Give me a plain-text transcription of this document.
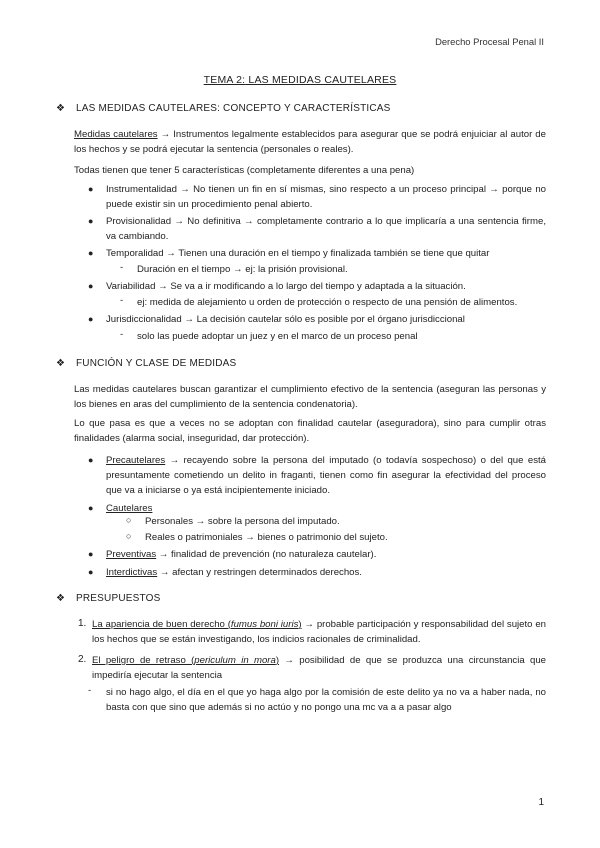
Derecho Procesal Penal II
TEMA 2: LAS MEDIDAS CAUTELARES
❖ LAS MEDIDAS CAUTELARES: CONCEPTO Y CARACTERÍSTICAS
Medidas cautelares → Instrumentos legalmente establecidos para asegurar que se podrá enjuiciar al autor de los hechos y se podrá ejecutar la sentencia (personales o reales).
Todas tienen que tener 5 características (completamente diferentes a una pena)
● Instrumentalidad → No tienen un fin en sí mismas, sino respecto a un proceso principal → porque no puede existir sin un procedimiento penal abierto.
● Provisionalidad → No definitiva → completamente contrario a lo que implicaría a una sentencia firme, va cambiando.
● Temporalidad → Tienen una duración en el tiempo y finalizada también se tiene que quitar
- Duración en el tiempo → ej: la prisión provisional.
● Variabilidad → Se va a ir modificando a lo largo del tiempo y adaptada a la situación.
- ej: medida de alejamiento u orden de protección o respecto de una pensión de alimentos.
● Jurisdiccionalidad → La decisión cautelar sólo es posible por el órgano jurisdiccional
- solo las puede adoptar un juez y en el marco de un proceso penal
❖ FUNCIÓN Y CLASE DE MEDIDAS
Las medidas cautelares buscan garantizar el cumplimiento efectivo de la sentencia (aseguran las personas y los bienes en aras del cumplimiento de la sentencia condenatoria).
Lo que pasa es que a veces no se adoptan con finalidad cautelar (aseguradora), sino para cumplir otras finalidades (alarma social, inseguridad, dar protección).
● Precautelares → recayendo sobre la persona del imputado (o todavía sospechoso) o del que está presuntamente cometiendo un delito in fraganti, tienen como fin asegurar la efectividad del proceso que va a iniciarse o ya está incipientemente iniciado.
● Cautelares
○ Personales → sobre la persona del imputado.
○ Reales o patrimoniales → bienes o patrimonio del sujeto.
● Preventivas → finalidad de prevención (no naturaleza cautelar).
● Interdictivas → afectan y restringen determinados derechos.
❖ PRESUPUESTOS
1. La apariencia de buen derecho (fumus boni iuris) → probable participación y responsabilidad del sujeto en los hechos que se están investigando, los indicios racionales de criminalidad.
2. El peligro de retraso (periculum in mora) → posibilidad de que se produzca una circunstancia que impediría ejecutar la sentencia
- si no hago algo, el día en el que yo haga algo por la comisión de este delito ya no va a haber nada, no basta con que sino que además si no actúo y no pongo una mc va a a pasar algo
1
